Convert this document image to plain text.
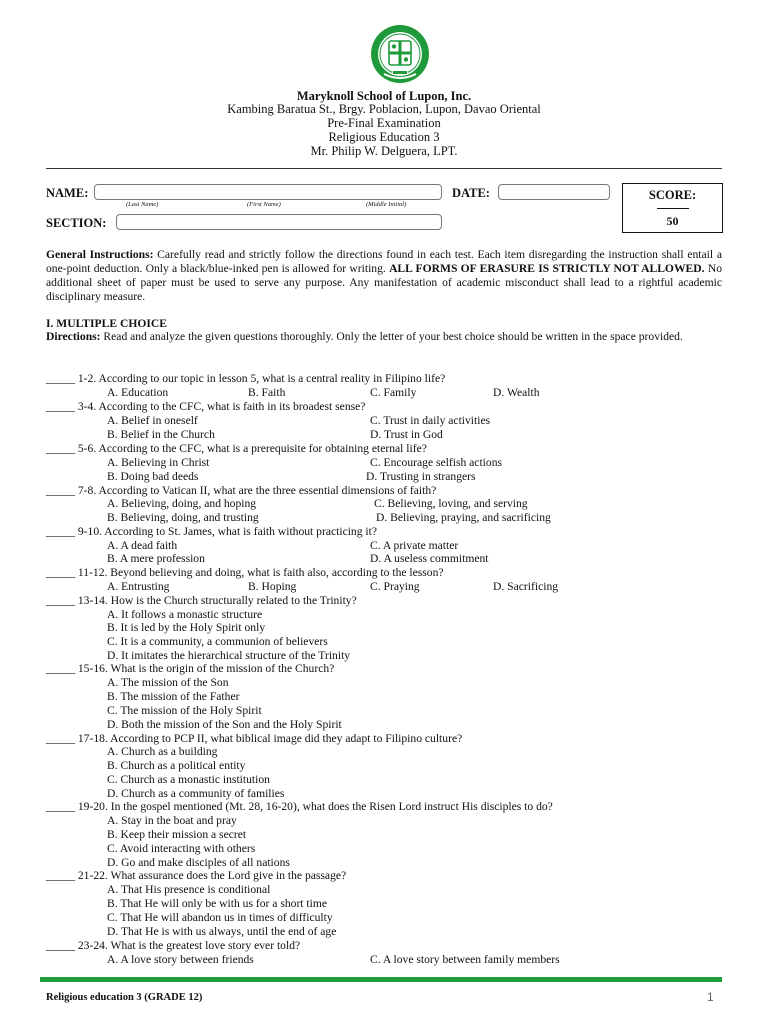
Maryknoll School of Lupon, Inc.
Kambing Baratua St., Brgy. Poblacion, Lupon, Davao Oriental
Pre-Final Examination
Religious Education 3
Mr. Philip W. Delguera, LPT.
NAME:
(Last Name)	(First Name)	(Middle Initial)
DATE:
SECTION:
SCORE:
50
General Instructions: Carefully read and strictly follow the directions found in each test. Each item disregarding the instruction shall entail a one-point deduction. Only a black/blue-inked pen is allowed for writing. ALL FORMS OF ERASURE IS STRICTLY NOT ALLOWED. No additional sheet of paper must be used to serve any purpose. Any manifestation of academic misconduct shall lead to a rightful academic disciplinary measure.
I. MULTIPLE CHOICE
Directions: Read and analyze the given questions thoroughly. Only the letter of your best choice should be written in the space provided.
_____ 1-2. According to our topic in lesson 5, what is a central reality in Filipino life?
A. Education	B. Faith	C. Family	D. Wealth
_____ 3-4. According to the CFC, what is faith in its broadest sense?
A. Belief in oneself	C. Trust in daily activities
B. Belief in the Church	D. Trust in God
_____ 5-6. According to the CFC, what is a prerequisite for obtaining eternal life?
A. Believing in Christ	C. Encourage selfish actions
B. Doing bad deeds	D. Trusting in strangers
_____ 7-8. According to Vatican II, what are the three essential dimensions of faith?
A. Believing, doing, and hoping	C. Believing, loving, and serving
B. Believing, doing, and trusting	D. Believing, praying, and sacrificing
_____ 9-10. According to St. James, what is faith without practicing it?
A. A dead faith	C. A private matter
B. A mere profession	D. A useless commitment
_____ 11-12. Beyond believing and doing, what is faith also, according to the lesson?
A. Entrusting	B. Hoping	C. Praying	D. Sacrificing
_____ 13-14. How is the Church structurally related to the Trinity?
A. It follows a monastic structure
B. It is led by the Holy Spirit only
C. It is a community, a communion of believers
D. It imitates the hierarchical structure of the Trinity
_____ 15-16. What is the origin of the mission of the Church?
A. The mission of the Son
B. The mission of the Father
C. The mission of the Holy Spirit
D. Both the mission of the Son and the Holy Spirit
_____ 17-18. According to PCP II, what biblical image did they adapt to Filipino culture?
A. Church as a building
B. Church as a political entity
C. Church as a monastic institution
D. Church as a community of families
_____ 19-20. In the gospel mentioned (Mt. 28, 16-20), what does the Risen Lord instruct His disciples to do?
A. Stay in the boat and pray
B. Keep their mission a secret
C. Avoid interacting with others
D. Go and make disciples of all nations
_____ 21-22. What assurance does the Lord give in the passage?
A. That His presence is conditional
B. That He will only be with us for a short time
C. That He will abandon us in times of difficulty
D. That He is with us always, until the end of age
_____ 23-24. What is the greatest love story ever told?
A. A love story between friends	C. A love story between family members
Religious education 3 (GRADE 12)	1
